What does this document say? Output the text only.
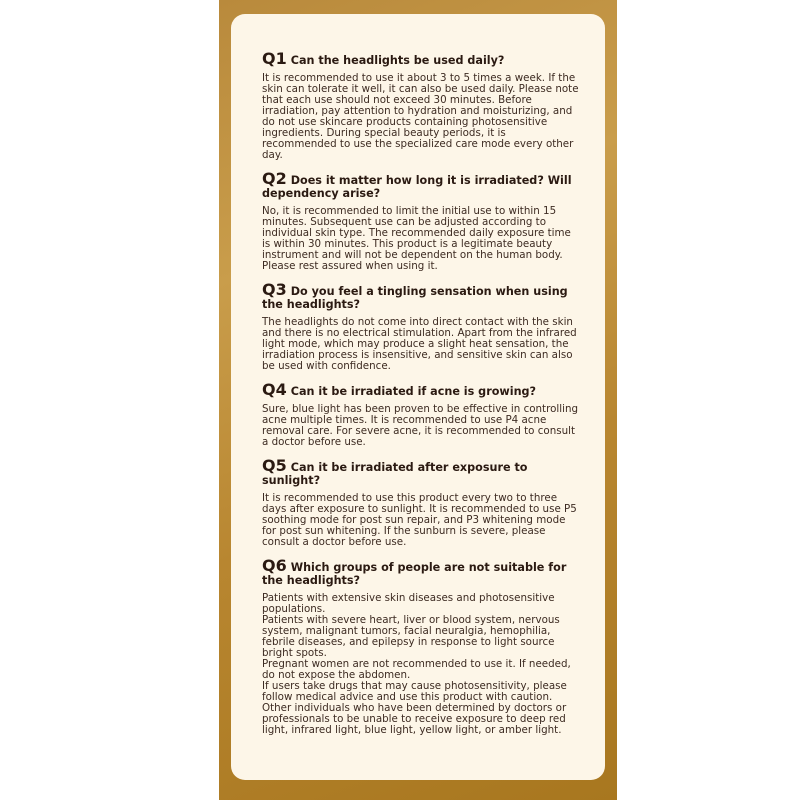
Q1 Can the headlights be used daily?

It is recommended to use it about 3 to 5 times a week. If the skin can tolerate it well, it can also be used daily. Please note that each use should not exceed 30 minutes. Before irradiation, pay attention to hydration and moisturizing, and do not use skincare products containing photosensitive ingredients. During special beauty periods, it is recommended to use the specialized care mode every other day.

Q2 Does it matter how long it is irradiated? Will dependency arise?

No, it is recommended to limit the initial use to within 15 minutes. Subsequent use can be adjusted according to individual skin type. The recommended daily exposure time is within 30 minutes. This product is a legitimate beauty instrument and will not be dependent on the human body. Please rest assured when using it.

Q3 Do you feel a tingling sensation when using the headlights?

The headlights do not come into direct contact with the skin and there is no electrical stimulation. Apart from the infrared light mode, which may produce a slight heat sensation, the irradiation process is insensitive, and sensitive skin can also be used with confidence.

Q4 Can it be irradiated if acne is growing?

Sure, blue light has been proven to be effective in controlling acne multiple times. It is recommended to use P4 acne removal care. For severe acne, it is recommended to consult a doctor before use.

Q5 Can it be irradiated after exposure to sunlight?

It is recommended to use this product every two to three days after exposure to sunlight. It is recommended to use P5 soothing mode for post sun repair, and P3 whitening mode for post sun whitening. If the sunburn is severe, please consult a doctor before use.

Q6 Which groups of people are not suitable for the headlights?

Patients with extensive skin diseases and photosensitive populations.
Patients with severe heart, liver or blood system, nervous system, malignant tumors, facial neuralgia, hemophilia, febrile diseases, and epilepsy in response to light source bright spots.
Pregnant women are not recommended to use it. If needed, do not expose the abdomen.
If users take drugs that may cause photosensitivity, please follow medical advice and use this product with caution.
Other individuals who have been determined by doctors or professionals to be unable to receive exposure to deep red light, infrared light, blue light, yellow light, or amber light.
